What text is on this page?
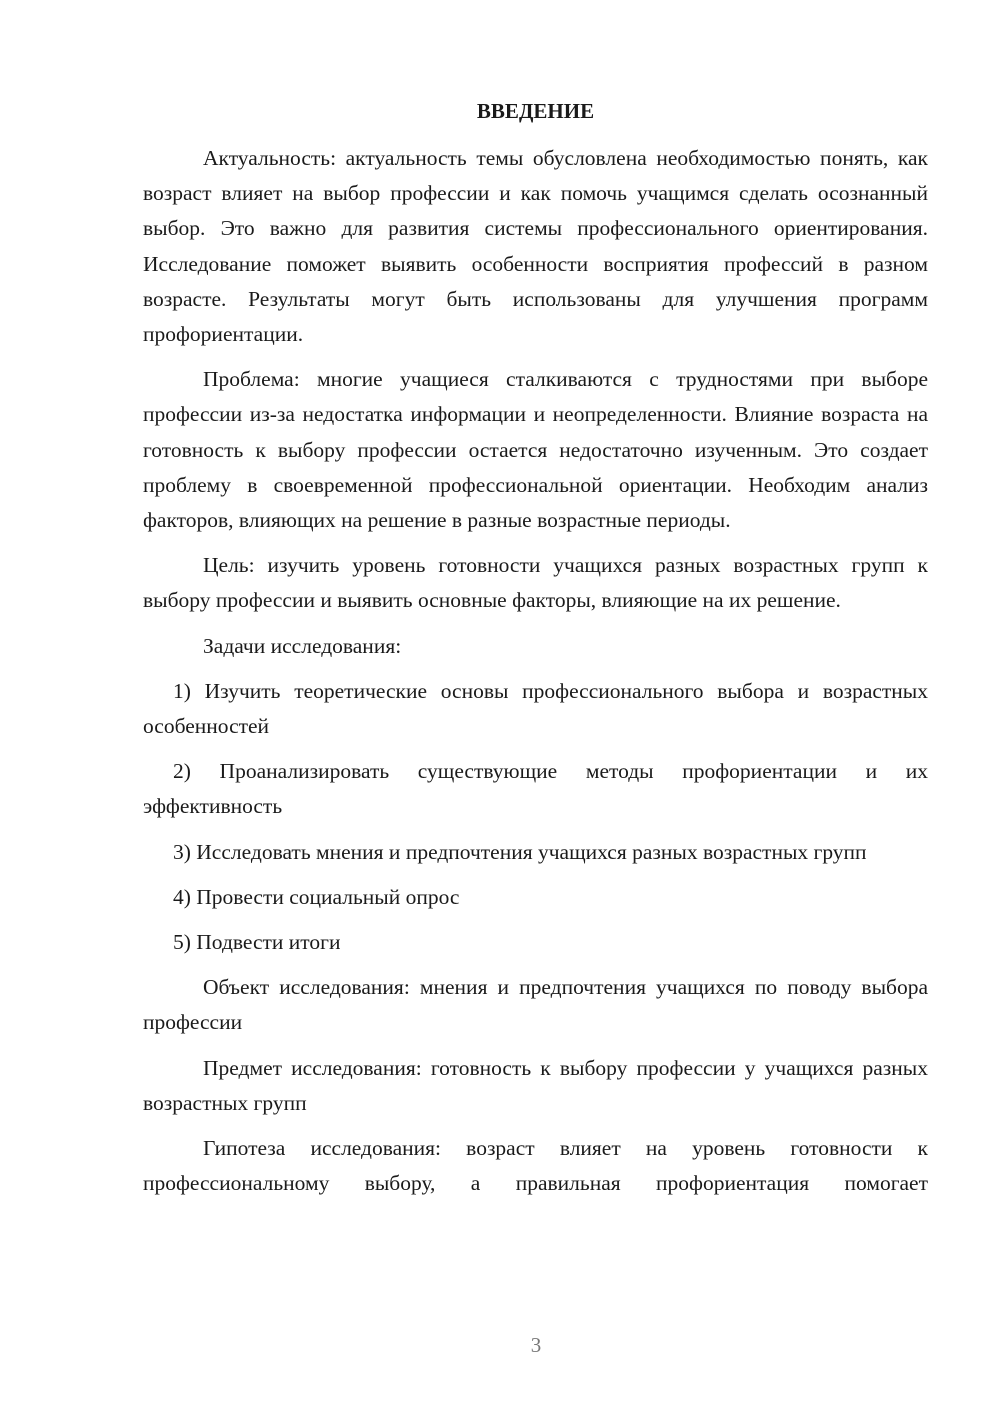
ВВЕДЕНИЕ

Актуальность: актуальность темы обусловлена необходимостью понять, как возраст влияет на выбор профессии и как помочь учащимся сделать осознанный выбор. Это важно для развития системы профессионального ориентирования. Исследование поможет выявить особенности восприятия профессий в разном возрасте. Результаты могут быть использованы для улучшения программ профориентации.

Проблема: многие учащиеся сталкиваются с трудностями при выборе профессии из-за недостатка информации и неопределенности. Влияние возраста на готовность к выбору профессии остается недостаточно изученным. Это создает проблему в своевременной профессиональной ориентации. Необходим анализ факторов, влияющих на решение в разные возрастные периоды.

Цель: изучить уровень готовности учащихся разных возрастных групп к выбору профессии и выявить основные факторы, влияющие на их решение.

Задачи исследования:

1) Изучить теоретические основы профессионального выбора и возрастных особенностей

2) Проанализировать существующие методы профориентации и их эффективность

3) Исследовать мнения и предпочтения учащихся разных возрастных групп

4) Провести социальный опрос

5) Подвести итоги

Объект исследования: мнения и предпочтения учащихся по поводу выбора профессии

Предмет исследования: готовность к выбору профессии у учащихся разных возрастных групп

Гипотеза исследования: возраст влияет на уровень готовности к профессиональному выбору, а правильная профориентация помогает

3
